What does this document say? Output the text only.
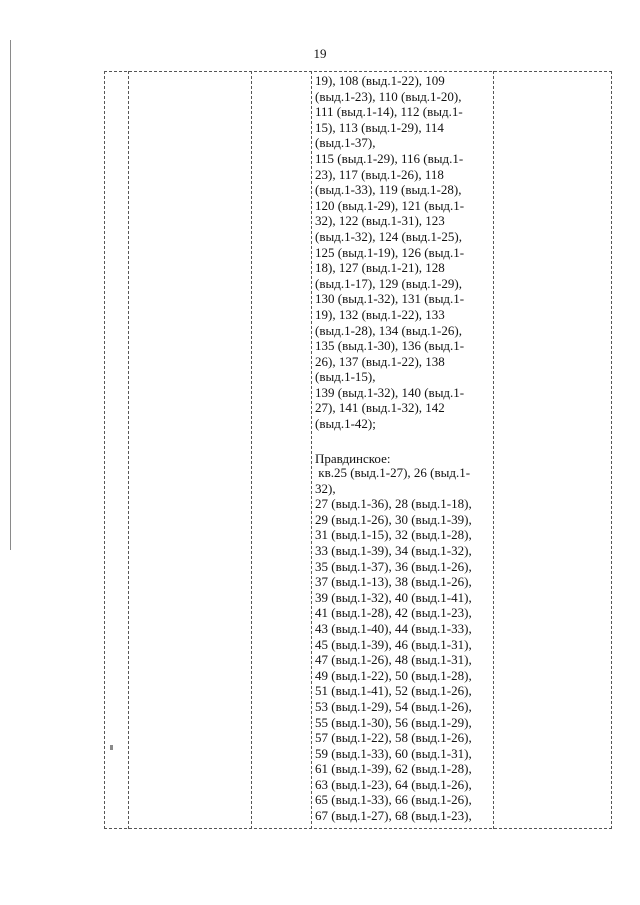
19
19), 108 (выд.1-22), 109
(выд.1-23), 110 (выд.1-20),
111 (выд.1-14), 112 (выд.1-
15), 113 (выд.1-29), 114
(выд.1-37),
115 (выд.1-29), 116 (выд.1-
23), 117 (выд.1-26), 118
(выд.1-33), 119 (выд.1-28),
120 (выд.1-29), 121 (выд.1-
32), 122 (выд.1-31), 123
(выд.1-32), 124 (выд.1-25),
125 (выд.1-19), 126 (выд.1-
18), 127 (выд.1-21), 128
(выд.1-17), 129 (выд.1-29),
130 (выд.1-32), 131 (выд.1-
19), 132 (выд.1-22), 133
(выд.1-28), 134 (выд.1-26),
135 (выд.1-30), 136 (выд.1-
26), 137 (выд.1-22), 138
(выд.1-15),
139 (выд.1-32), 140 (выд.1-
27), 141 (выд.1-32), 142
(выд.1-42);
Правдинское:
кв.25 (выд.1-27), 26 (выд.1-
32),
27 (выд.1-36), 28 (выд.1-18),
29 (выд.1-26), 30 (выд.1-39),
31 (выд.1-15), 32 (выд.1-28),
33 (выд.1-39), 34 (выд.1-32),
35 (выд.1-37), 36 (выд.1-26),
37 (выд.1-13), 38 (выд.1-26),
39 (выд.1-32), 40 (выд.1-41),
41 (выд.1-28), 42 (выд.1-23),
43 (выд.1-40), 44 (выд.1-33),
45 (выд.1-39), 46 (выд.1-31),
47 (выд.1-26), 48 (выд.1-31),
49 (выд.1-22), 50 (выд.1-28),
51 (выд.1-41), 52 (выд.1-26),
53 (выд.1-29), 54 (выд.1-26),
55 (выд.1-30), 56 (выд.1-29),
57 (выд.1-22), 58 (выд.1-26),
59 (выд.1-33), 60 (выд.1-31),
61 (выд.1-39), 62 (выд.1-28),
63 (выд.1-23), 64 (выд.1-26),
65 (выд.1-33), 66 (выд.1-26),
67 (выд.1-27), 68 (выд.1-23),
